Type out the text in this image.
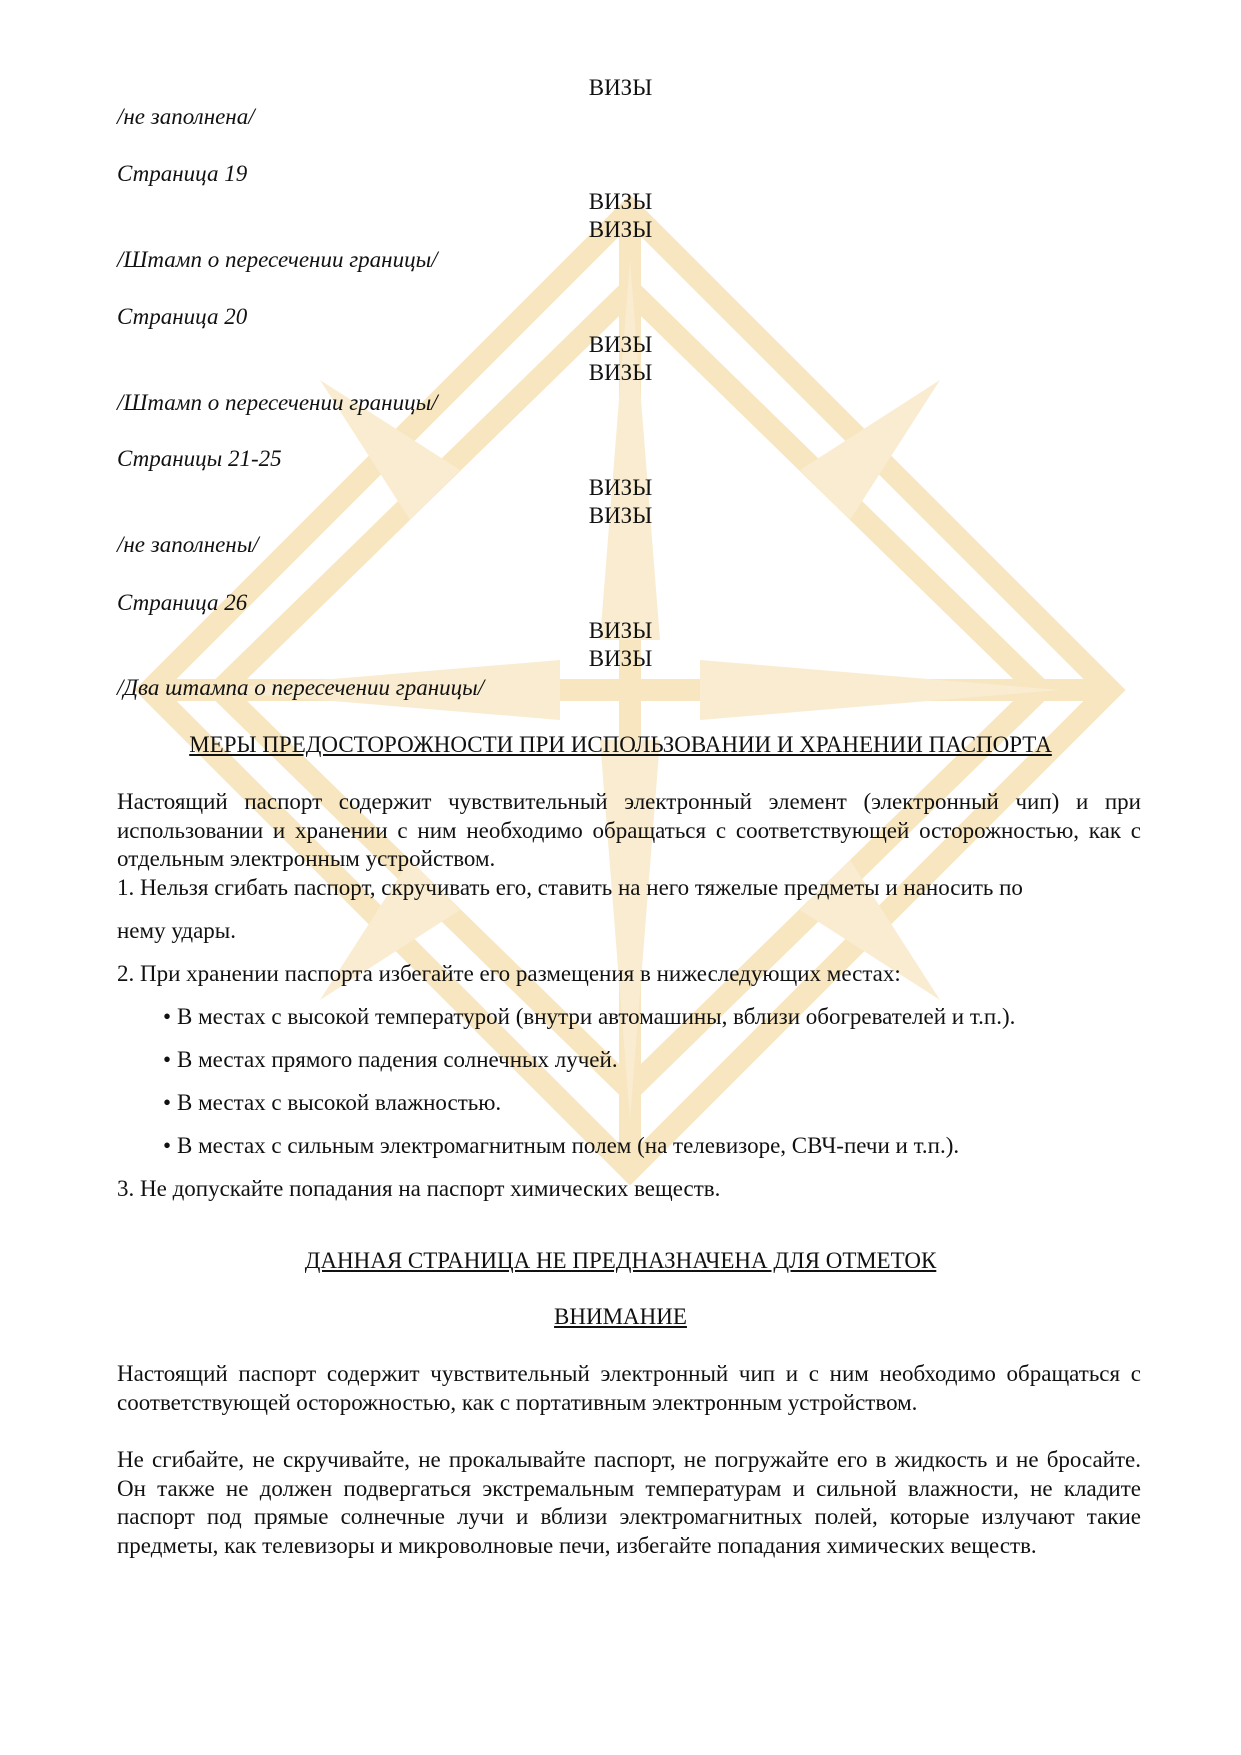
ВИЗЫ
/не заполнена/
Страница 19
ВИЗЫ
ВИЗЫ
/Штамп о пересечении границы/
Страница 20
ВИЗЫ
ВИЗЫ
/Штамп о пересечении границы/
Страницы 21-25
ВИЗЫ
ВИЗЫ
/не заполнены/
Страница 26
ВИЗЫ
ВИЗЫ
/Два штампа о пересечении границы/
МЕРЫ ПРЕДОСТОРОЖНОСТИ ПРИ ИСПОЛЬЗОВАНИИ И ХРАНЕНИИ ПАСПОРТА
Настоящий паспорт содержит чувствительный электронный элемент (электронный чип) и при использовании и хранении с ним необходимо обращаться с соответствующей осторожностью, как с отдельным электронным устройством.
1. Нельзя сгибать паспорт, скручивать его, ставить на него тяжелые предметы и наносить по
нему удары.
2. При хранении паспорта избегайте его размещения в нижеследующих местах:
• В местах с высокой температурой (внутри автомашины, вблизи обогревателей и т.п.).
• В местах прямого падения солнечных лучей.
• В местах с высокой влажностью.
• В местах с сильным электромагнитным полем (на телевизоре, СВЧ-печи и т.п.).
3. Не допускайте попадания на паспорт химических веществ.
ДАННАЯ СТРАНИЦА НЕ ПРЕДНАЗНАЧЕНА ДЛЯ ОТМЕТОК
ВНИМАНИЕ
Настоящий паспорт содержит чувствительный электронный чип и с ним необходимо обращаться с соответствующей осторожностью, как с портативным электронным устройством.
Не сгибайте, не скручивайте, не прокалывайте паспорт, не погружайте его в жидкость и не бросайте. Он также не должен подвергаться экстремальным температурам и сильной влажности, не кладите паспорт под прямые солнечные лучи и вблизи электромагнитных полей, которые излучают такие предметы, как телевизоры и микроволновые печи, избегайте попадания химических веществ.
